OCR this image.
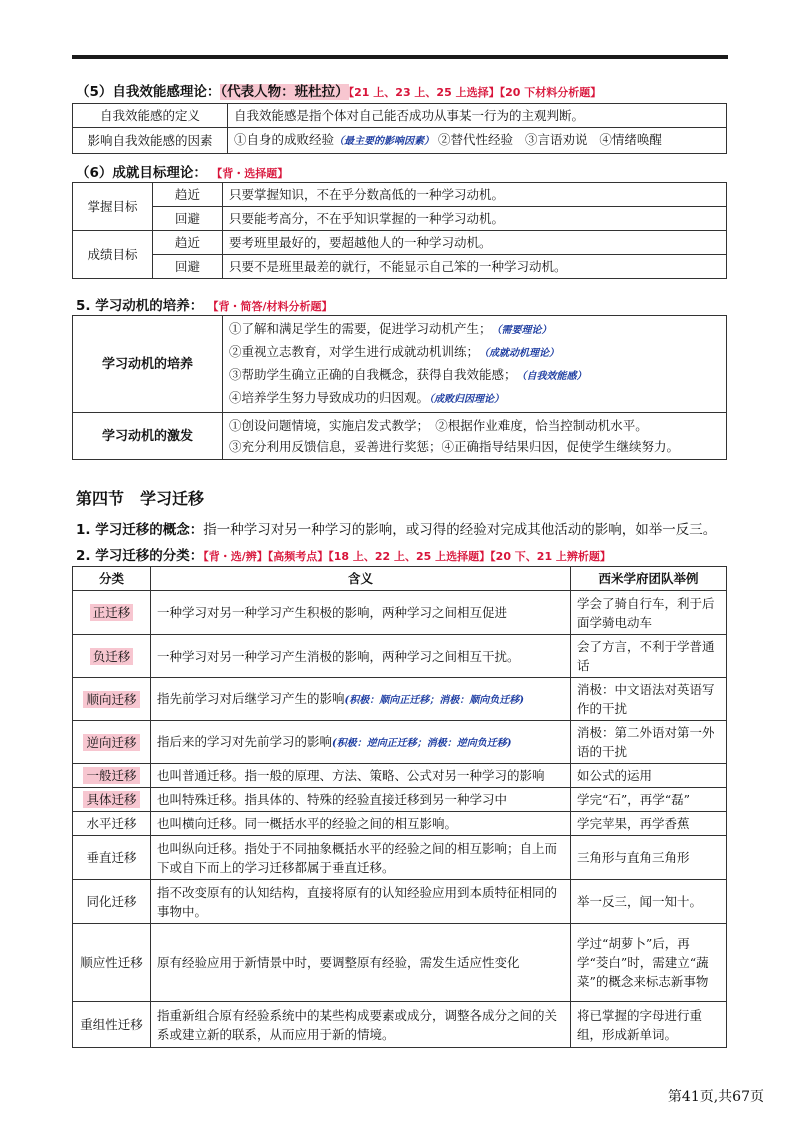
（5）自我效能感理论：（代表人物：班杜拉）【21 上、23 上、25 上选择】【20 下材料分析题】
自我效能感的定义	自我效能感是指个体对自己能否成功从事某一行为的主观判断。
影响自我效能感的因素	①自身的成败经验（最主要的影响因素） ②替代性经验 ③言语劝说 ④情绪唤醒
（6）成就目标理论： 【背・选择题】
掌握目标	趋近	只要掌握知识，不在乎分数高低的一种学习动机。
	回避	只要能考高分，不在乎知识掌握的一种学习动机。
成绩目标	趋近	要考班里最好的，要超越他人的一种学习动机。
	回避	只要不是班里最差的就行，不能显示自己笨的一种学习动机。
5. 学习动机的培养： 【背・简答/材料分析题】
学习动机的培养	①了解和满足学生的需要，促进学习动机产生；（需要理论）
②重视立志教育，对学生进行成就动机训练；（成就动机理论）
③帮助学生确立正确的自我概念，获得自我效能感；（自我效能感）
④培养学生努力导致成功的归因观。（成败归因理论）

学习动机的激发	①创设问题情境，实施启发式教学；　②根据作业难度，恰当控制动机水平。
③充分利用反馈信息，妥善进行奖惩；④正确指导结果归因，促使学生继续努力。
第四节　学习迁移
1. 学习迁移的概念：指一种学习对另一种学习的影响，或习得的经验对完成其他活动的影响，如举一反三。
2. 学习迁移的分类：【背・选/辨】【高频考点】【18 上、22 上、25 上选择题】【20 下、21 上辨析题】
分类	含义	西米学府团队举例
正迁移	一种学习对另一种学习产生积极的影响，两种学习之间相互促进	学会了骑自行车，利于后面学骑电动车
负迁移	一种学习对另一种学习产生消极的影响，两种学习之间相互干扰。	会了方言，不利于学普通话
顺向迁移	指先前学习对后继学习产生的影响(积极：顺向正迁移；消极：顺向负迁移)	消极：中文语法对英语写作的干扰
逆向迁移	指后来的学习对先前学习的影响(积极：逆向正迁移；消极：逆向负迁移)	消极：第二外语对第一外语的干扰
一般迁移	也叫普通迁移。指一般的原理、方法、策略、公式对另一种学习的影响	如公式的运用
具体迁移	也叫特殊迁移。指具体的、特殊的经验直接迁移到另一种学习中	学完“石”，再学“磊”
水平迁移	也叫横向迁移。同一概括水平的经验之间的相互影响。	学完苹果，再学香蕉
垂直迁移	也叫纵向迁移。指处于不同抽象概括水平的经验之间的相互影响；自上而下或自下而上的学习迁移都属于垂直迁移。	三角形与直角三角形
同化迁移	指不改变原有的认知结构，直接将原有的认知经验应用到本质特征相同的事物中。	举一反三，闻一知十。
顺应性迁移	原有经验应用于新情景中时，要调整原有经验，需发生适应性变化	学过“胡萝卜”后，再学“茭白”时，需建立“蔬菜”的概念来标志新事物
重组性迁移	指重新组合原有经验系统中的某些构成要素或成分，调整各成分之间的关系或建立新的联系，从而应用于新的情境。	将已掌握的字母进行重组，形成新单词。
第41页,共67页
